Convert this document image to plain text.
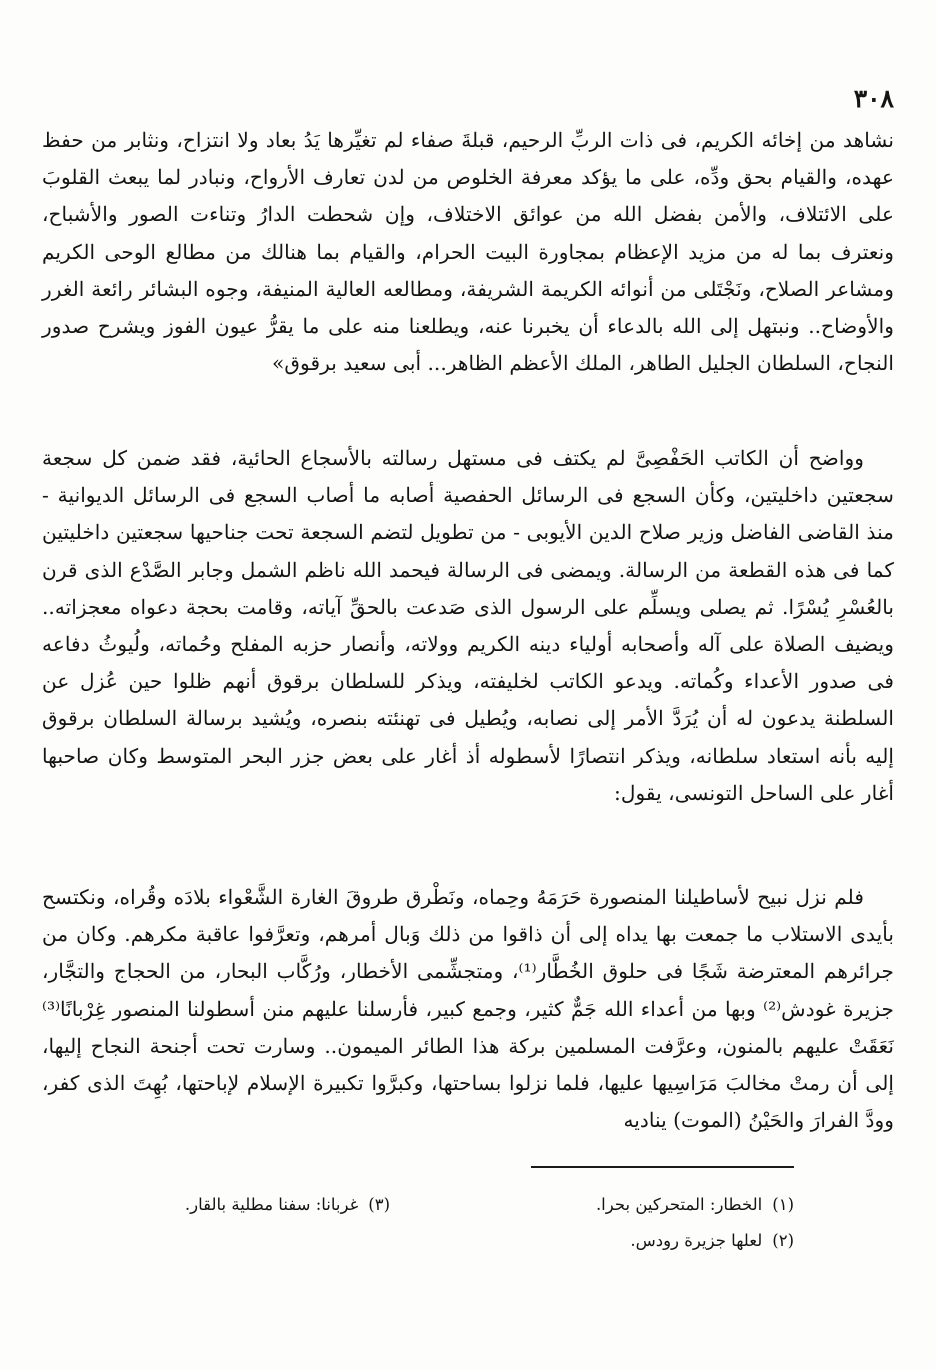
٣٠٨

نشاهد من إخائه الكريم، فى ذات الربِّ الرحيم، قبلةَ صفاء لم تغيِّرها يَدُ بعاد ولا انتزاح، ونثابر من حفظ عهده، والقيام بحق ودِّه، على ما يؤكد معرفة الخلوص من لدن تعارف الأرواح، ونبادر لما يبعث القلوبَ على الائتلاف، والأمن بفضل الله من عوائق الاختلاف، وإن شحطت الدارُ وتناءت الصور والأشباح، ونعترف بما له من مزيد الإعظام بمجاورة البيت الحرام، والقيام بما هنالك من مطالع الوحى الكريم ومشاعر الصلاح، ونَجْتَلى من أنوائه الكريمة الشريفة، ومطالعه العالية المنيفة، وجوه البشائر رائعة الغرر والأوضاح.. ونبتهل إلى الله بالدعاء أن يخبرنا عنه، ويطلعنا منه على ما يقرُّ عيون الفوز ويشرح صدور النجاح، السلطان الجليل الطاهر، الملك الأعظم الظاهر... أبى سعيد برقوق»

وواضح أن الكاتب الحَفْصِىَّ لم يكتف فى مستهل رسالته بالأسجاع الحائية، فقد ضمن كل سجعة سجعتين داخليتين، وكأن السجع فى الرسائل الحفصية أصابه ما أصاب السجع فى الرسائل الديوانية - منذ القاضى الفاضل وزير صلاح الدين الأيوبى - من تطويل لتضم السجعة تحت جناحيها سجعتين داخليتين كما فى هذه القطعة من الرسالة. ويمضى فى الرسالة فيحمد الله ناظم الشمل وجابر الصَّدْع الذى قرن بالعُسْرِ يُسْرًا. ثم يصلى ويسلِّم على الرسول الذى صَدعت بالحقِّ آياته، وقامت بحجة دعواه معجزاته.. ويضيف الصلاة على آله وأصحابه أولياء دينه الكريم وولاته، وأنصار حزبه المفلح وحُماته، ولُيوثُ دفاعه فى صدور الأعداء وكُماته. ويدعو الكاتب لخليفته، ويذكر للسلطان برقوق أنهم ظلوا حين عُزل عن السلطنة يدعون له أن يُرَدَّ الأمر إلى نصابه، ويُطيل فى تهنئته بنصره، ويُشيد برسالة السلطان برقوق إليه بأنه استعاد سلطانه، ويذكر انتصارًا لأسطوله أذ أغار على بعض جزر البحر المتوسط وكان صاحبها أغار على الساحل التونسى، يقول:

فلم نزل نبيح لأساطيلنا المنصورة حَرَمَهُ وحِماه، ونَطْرق طروقَ الغارة الشَّعْواء بلادَه وقُراه، ونكتسح بأيدى الاستلاب ما جمعت بها يداه إلى أن ذاقوا من ذلك وَبال أمرهم، وتعرَّفوا عاقبة مكرهم. وكان من جرائرهم المعترضة شَجًا فى حلوق الخُطَّار⁽¹⁾، ومتجشِّمى الأخطار، ورُكَّاب البحار، من الحجاج والتجَّار، جزيرة غودش⁽²⁾ وبها من أعداء الله جَمٌّ كثير، وجمع كبير، فأرسلنا عليهم منن أسطولنا المنصور غِرْبانًا⁽³⁾ نَعَقَتْ عليهم بالمنون، وعرَّفت المسلمين بركة هذا الطائر الميمون.. وسارت تحت أجنحة النجاح إليها، إلى أن رمتْ مخالبَ مَرَاسِيها عليها، فلما نزلوا بساحتها، وكبرَّوا تكبيرة الإسلام لإباحتها، بُهِتَ الذى كفر، وودَّ الفرارَ والحَيْنُ (الموت) يناديه

(١)الخطار: المتحركين بحرا.

(٢)لعلها جزيرة رودس.

(٣)غربانا: سفنا مطلية بالقار.
